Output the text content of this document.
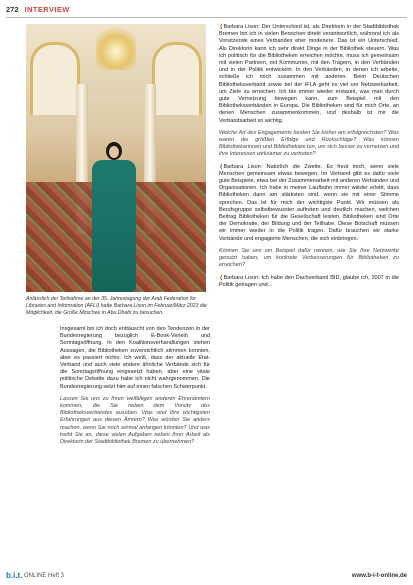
272 INTERVIEW

Anlässlich der Teilnahme an der 35. Jahrestagung der Arab Federation for Libraries and Information (AFLI) hatte Barbara Lison im Februar/März 2023 die Möglichkeit, die Große Moschee in Abu Dhabi zu besuchen.

Insgesamt bin ich doch enttäuscht von den Tendenzen in der Bundesregierung bezüglich E-Book-Verleih und Sonntagsöffnung. In den Koalitionsverhandlungen stehen Aussagen, die Bibliotheken zuversichtlich stimmen konnten, aber es passiert nichts. Ich weiß, dass der aktuelle Etat-Verband und auch viele andere ähnliche Verbände sich für die Sonntagsöffnung eingesetzt haben, aber eine vitale politische Debatte dazu habe ich nicht wahrgenommen. Die Bundesregierung setzt hier auf einen falschen Schwerpunkt.

Lassen Sie uns zu Ihren vielfältigen anderen Ehrenämtern kommen, die Sie neben dem Vorsitz des Bibliotheksverbandes ausüben. Was sind Ihre wichtigsten Erfahrungen aus diesen Ämtern? Was würden Sie anders machen, wenn Sie noch einmal anfangen könnten? Und was treibt Sie an, diese vielen Aufgaben neben Ihrer Arbeit als Direktorin der Stadtbibliothek Bremen zu übernehmen?

❬Barbara Lison: Der Unterschied ist, als Direktorin in der Stadtbibliothek Bremen bin ich in vielen Bereichen direkt verantwortlich, während ich als Vorsitzende eines Verbandes eher moderiere. Das ist ein Unterschied. Als Direktorin kann ich sehr direkt Dinge in der Bibliothek steuern. Was ich politisch für die Bibliotheken erreichen möchte, muss ich gemeinsam mit vielen Partnern, mit Kommunen, mit den Trägern, in den Verbänden und in der Politik entwickeln. In den Verbänden, in denen ich arbeite, schließe ich mich zusammen mit anderen. Beim Deutschen Bibliotheksverband sowie bei der IFLA geht es viel um Netzwerkarbeit, um Ziele zu erreichen. Ich bin immer wieder erstaunt, was man durch gute Vernetzung bewegen kann, zum Beispiel mit den Bibliotheksverbänden in Europa. Die Bibliotheken sind für mich Orte, an denen Menschen zusammenkommen, und deshalb ist mir die Verbandsarbeit so wichtig.

Welche Art des Engagements fanden Sie bisher am erfolgreichsten? Was waren die größten Erfolge und Rückschläge? Was können Bibliothekarinnen und Bibliothekare tun, um sich besser zu vernetzen und ihre Interessen wirksamer zu vertreten?

❬Barbara Lison: Natürlich die Zweite. Es freut mich, wenn viele Menschen gemeinsam etwas bewegen. Im Verband gibt es dafür viele gute Beispiele, etwa bei der Zusammenarbeit mit anderen Verbänden und Organisationen. Ich habe in meiner Laufbahn immer wieder erlebt, dass Bibliotheken dann am stärksten sind, wenn sie mit einer Stimme sprechen. Das ist für mich der wichtigste Punkt. Wir müssen als Berufsgruppe selbstbewusster auftreten und deutlich machen, welchen Beitrag Bibliotheken für die Gesellschaft leisten. Bibliotheken sind Orte der Demokratie, der Bildung und der Teilhabe. Diese Botschaft müssen wir immer wieder in die Politik tragen. Dafür brauchen wir starke Verbände und engagierte Menschen, die sich einbringen.

Können Sie uns ein Beispiel dafür nennen, wie Sie Ihre Netzwerke genutzt haben, um konkrete Verbesserungen für Bibliotheken zu erreichen?

❬Barbara Lison: Ich habe den Dachverband BID, glaube ich, 2007 in die Politik getragen und...

b.i.t. ONLINE Heft 3	www.b-i-t-online.de
